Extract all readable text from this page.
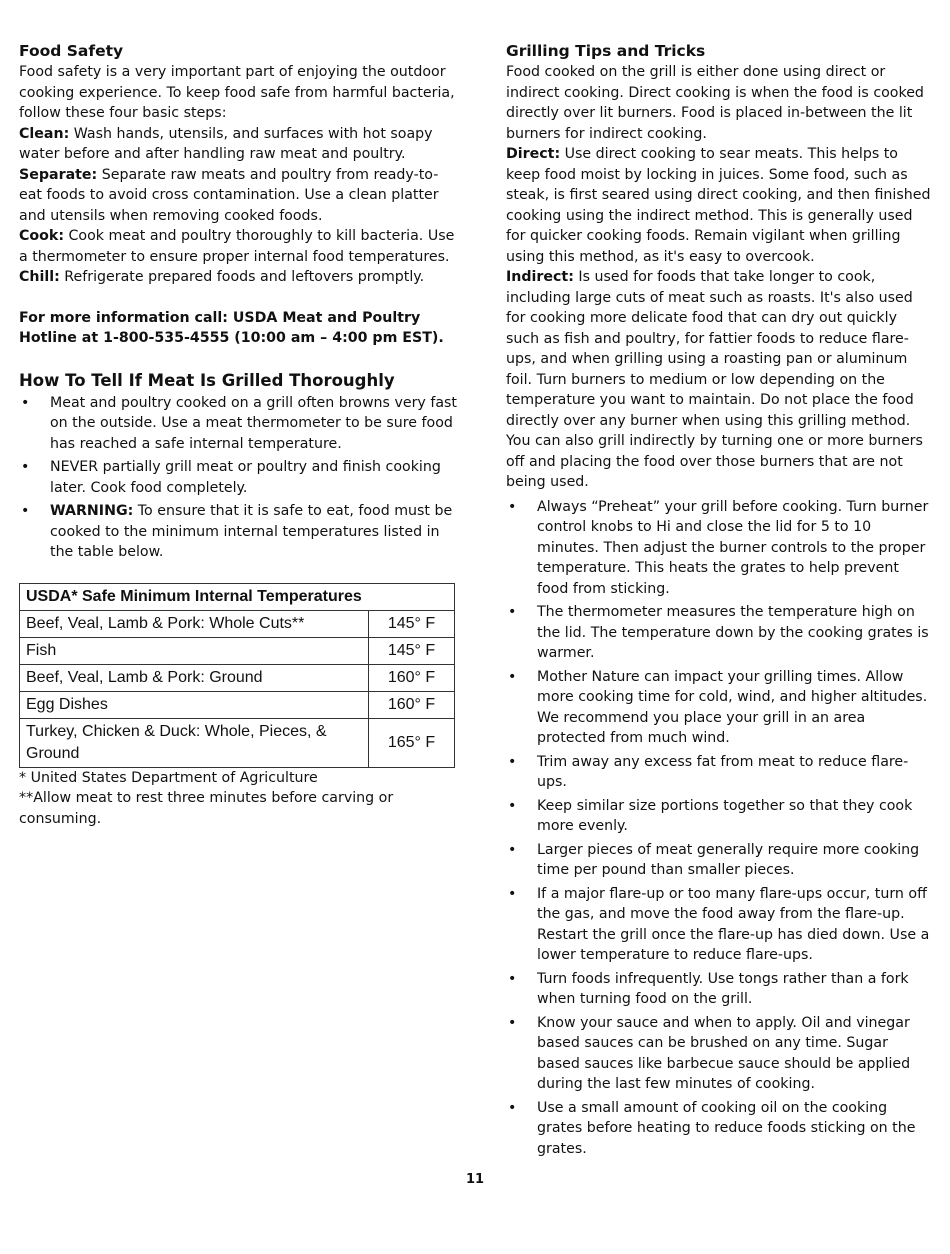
Food Safety

Food safety is a very important part of enjoying the outdoor cooking experience. To keep food safe from harmful bacteria, follow these four basic steps:

Clean: Wash hands, utensils, and surfaces with hot soapy water before and after handling raw meat and poultry.

Separate: Separate raw meats and poultry from ready-to-eat foods to avoid cross contamination. Use a clean platter and utensils when removing cooked foods.

Cook: Cook meat and poultry thoroughly to kill bacteria. Use a thermometer to ensure proper internal food temperatures.

Chill: Refrigerate prepared foods and leftovers promptly.

For more information call: USDA Meat and Poultry
Hotline at 1-800-535-4555 (10:00 am – 4:00 pm EST).
How To Tell If Meat Is Grilled Thoroughly
• Meat and poultry cooked on a grill often browns very fast on the outside. Use a meat thermometer to be sure food has reached a safe internal temperature.
• NEVER partially grill meat or poultry and finish cooking later. Cook food completely.
• WARNING: To ensure that it is safe to eat, food must be cooked to the minimum internal temperatures listed in the table below.
USDA* Safe Minimum Internal Temperatures	
Beef, Veal, Lamb & Pork: Whole Cuts**	145° F
Fish	145° F
Beef, Veal, Lamb & Pork: Ground	160° F
Egg Dishes	160° F
Turkey, Chicken & Duck: Whole, Pieces, & Ground	165° F

* United States Department of Agriculture

**Allow meat to rest three minutes before carving or consuming.

Grilling Tips and Tricks

Food cooked on the grill is either done using direct or indirect cooking. Direct cooking is when the food is cooked directly over lit burners. Food is placed in-between the lit burners for indirect cooking.

Direct: Use direct cooking to sear meats. This helps to keep food moist by locking in juices. Some food, such as steak, is first seared using direct cooking, and then finished cooking using the indirect method. This is generally used for quicker cooking foods. Remain vigilant when grilling using this method, as it's easy to overcook.

Indirect: Is used for foods that take longer to cook, including large cuts of meat such as roasts. It's also used for cooking more delicate food that can dry out quickly such as fish and poultry, for fattier foods to reduce flare-ups, and when grilling using a roasting pan or aluminum foil. Turn burners to medium or low depending on the temperature you want to maintain. Do not place the food directly over any burner when using this grilling method. You can also grill indirectly by turning one or more burners off and placing the food over those burners that are not being used.

• Always “Preheat” your grill before cooking. Turn burner control knobs to Hi and close the lid for 5 to 10 minutes. Then adjust the burner controls to the proper temperature. This heats the grates to help prevent food from sticking.
• The thermometer measures the temperature high on the lid. The temperature down by the cooking grates is warmer.
• Mother Nature can impact your grilling times. Allow more cooking time for cold, wind, and higher altitudes. We recommend you place your grill in an area protected from much wind.
• Trim away any excess fat from meat to reduce flare-ups.
• Keep similar size portions together so that they cook more evenly.
• Larger pieces of meat generally require more cooking time per pound than smaller pieces.
• If a major flare-up or too many flare-ups occur, turn off the gas, and move the food away from the flare-up. Restart the grill once the flare-up has died down. Use a lower temperature to reduce flare-ups.
• Turn foods infrequently. Use tongs rather than a fork when turning food on the grill.
• Know your sauce and when to apply. Oil and vinegar based sauces can be brushed on any time. Sugar based sauces like barbecue sauce should be applied during the last few minutes of cooking.
• Use a small amount of cooking oil on the cooking grates before heating to reduce foods sticking on the grates.
11
